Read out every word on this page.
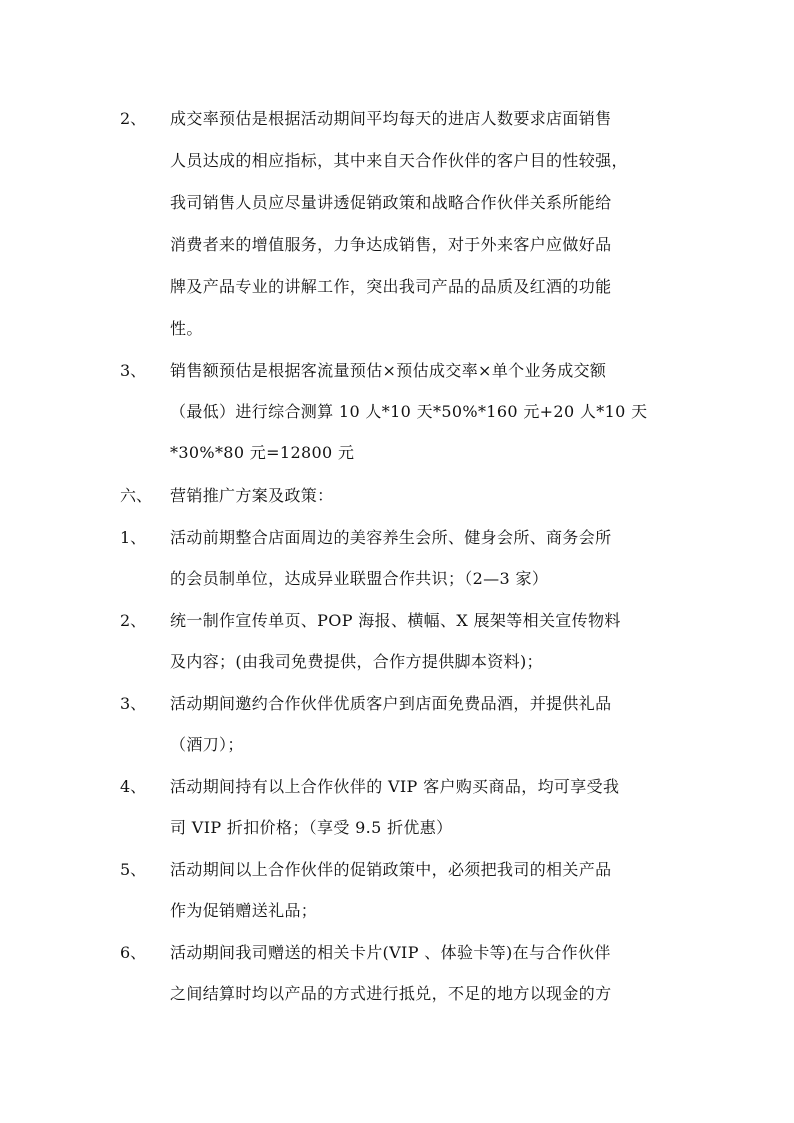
2、 成交率预估是根据活动期间平均每天的进店人数要求店面销售
人员达成的相应指标，其中来自天合作伙伴的客户目的性较强，
我司销售人员应尽量讲透促销政策和战略合作伙伴关系所能给
消费者来的增值服务，力争达成销售，对于外来客户应做好品
牌及产品专业的讲解工作，突出我司产品的品质及红酒的功能
性。
3、 销售额预估是根据客流量预估×预估成交率×单个业务成交额
（最低）进行综合测算 10 人*10 天*50%*160 元+20 人*10 天
*30%*80 元=12800 元
六、 营销推广方案及政策：
1、 活动前期整合店面周边的美容养生会所、健身会所、商务会所
的会员制单位，达成异业联盟合作共识；（2—3 家）
2、 统一制作宣传单页、POP 海报、横幅、X 展架等相关宣传物料
及内容；(由我司免费提供，合作方提供脚本资料)；
3、 活动期间邀约合作伙伴优质客户到店面免费品酒，并提供礼品
（酒刀）；
4、 活动期间持有以上合作伙伴的 VIP 客户购买商品，均可享受我
司 VIP 折扣价格；（享受 9.5 折优惠）
5、 活动期间以上合作伙伴的促销政策中，必须把我司的相关产品
作为促销赠送礼品；
6、 活动期间我司赠送的相关卡片(VIP 、体验卡等)在与合作伙伴
之间结算时均以产品的方式进行抵兑，不足的地方以现金的方
